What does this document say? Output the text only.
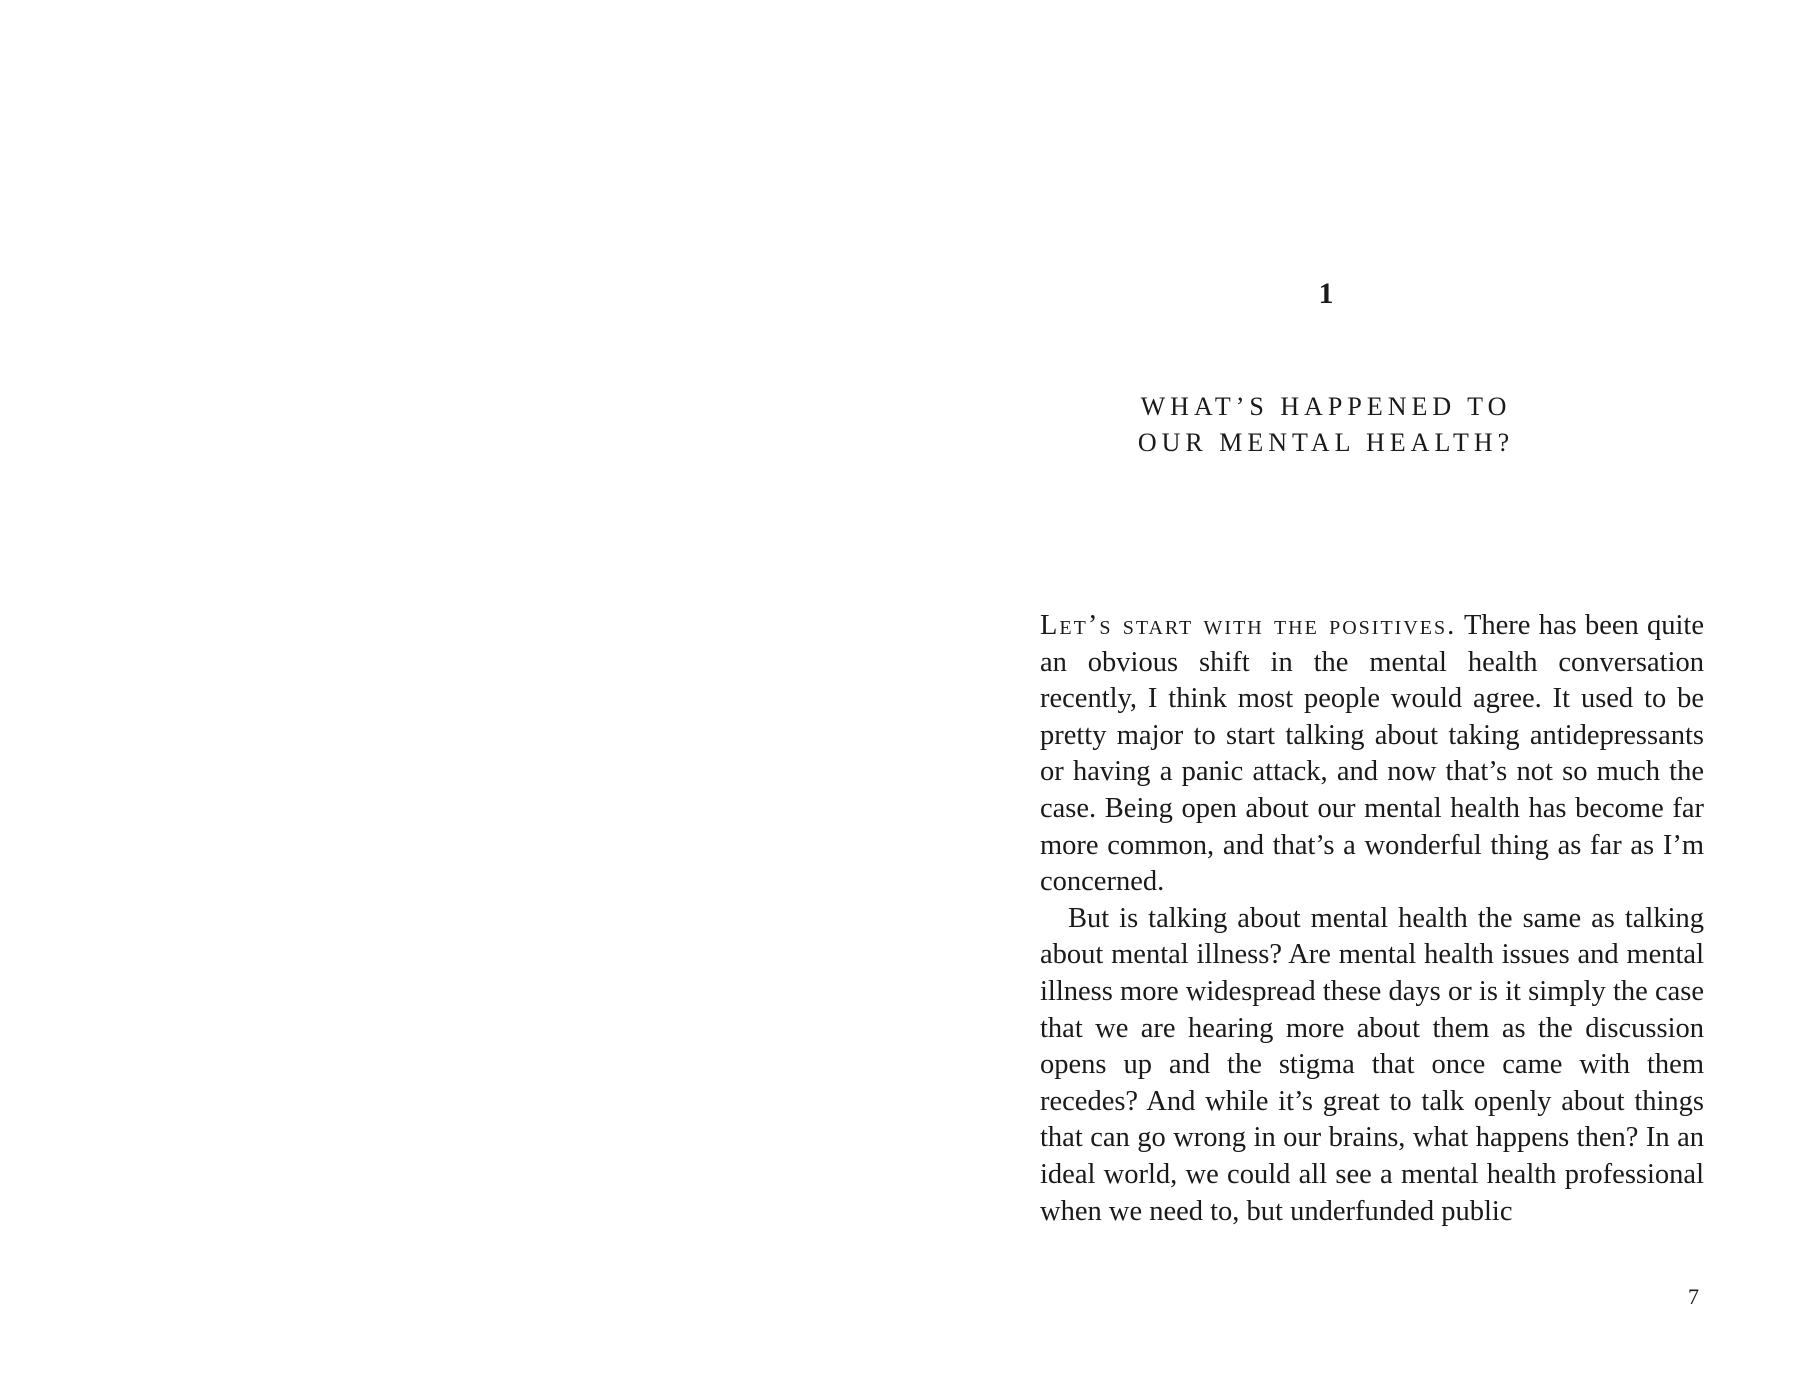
1
WHAT’S HAPPENED TO
OUR MENTAL HEALTH?

Let’s start with the positives. There has been quite an obvious shift in the mental health conversation recently, I think most people would agree. It used to be pretty major to start talking about taking antidepressants or having a panic attack, and now that’s not so much the case. Being open about our mental health has become far more common, and that’s a wonderful thing as far as I’m concerned.

But is talking about mental health the same as talking about mental illness? Are mental health issues and mental illness more widespread these days or is it simply the case that we are hearing more about them as the discussion opens up and the stigma that once came with them recedes? And while it’s great to talk openly about things that can go wrong in our brains, what happens then? In an ideal world, we could all see a mental health professional when we need to, but underfunded public

7
